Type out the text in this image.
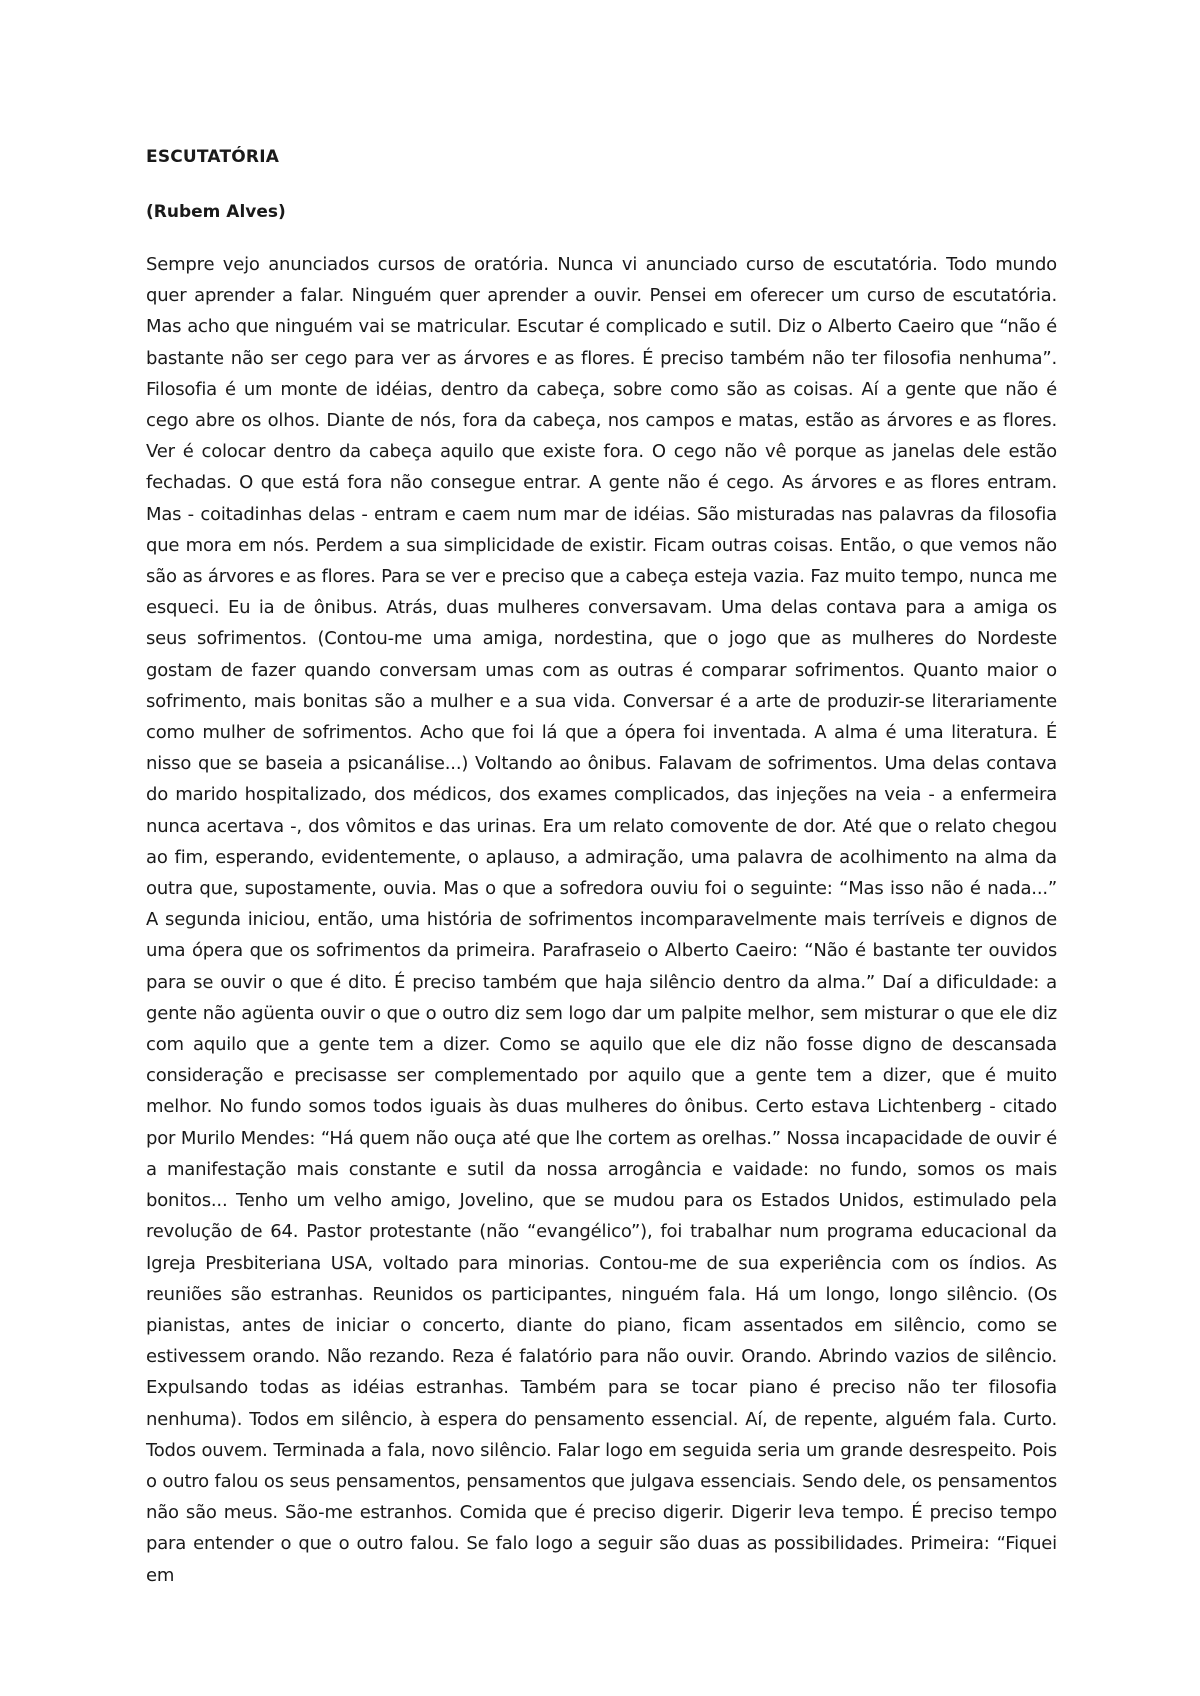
ESCUTATÓRIA

(Rubem Alves)

Sempre vejo anunciados cursos de oratória. Nunca vi anunciado curso de escutatória. Todo mundo quer aprender a falar. Ninguém quer aprender a ouvir. Pensei em oferecer um curso de escutatória. Mas acho que ninguém vai se matricular. Escutar é complicado e sutil. Diz o Alberto Caeiro que “não é bastante não ser cego para ver as árvores e as flores. É preciso também não ter filosofia nenhuma”. Filosofia é um monte de idéias, dentro da cabeça, sobre como são as coisas. Aí a gente que não é cego abre os olhos. Diante de nós, fora da cabeça, nos campos e matas, estão as árvores e as flores. Ver é colocar dentro da cabeça aquilo que existe fora. O cego não vê porque as janelas dele estão fechadas. O que está fora não consegue entrar. A gente não é cego. As árvores e as flores entram. Mas - coitadinhas delas - entram e caem num mar de idéias. São misturadas nas palavras da filosofia que mora em nós. Perdem a sua simplicidade de existir. Ficam outras coisas. Então, o que vemos não são as árvores e as flores. Para se ver e preciso que a cabeça esteja vazia. Faz muito tempo, nunca me esqueci. Eu ia de ônibus. Atrás, duas mulheres conversavam. Uma delas contava para a amiga os seus sofrimentos. (Contou-me uma amiga, nordestina, que o jogo que as mulheres do Nordeste gostam de fazer quando conversam umas com as outras é comparar sofrimentos. Quanto maior o sofrimento, mais bonitas são a mulher e a sua vida. Conversar é a arte de produzir-se literariamente como mulher de sofrimentos. Acho que foi lá que a ópera foi inventada. A alma é uma literatura. É nisso que se baseia a psicanálise...) Voltando ao ônibus. Falavam de sofrimentos. Uma delas contava do marido hospitalizado, dos médicos, dos exames complicados, das injeções na veia - a enfermeira nunca acertava -, dos vômitos e das urinas. Era um relato comovente de dor. Até que o relato chegou ao fim, esperando, evidentemente, o aplauso, a admiração, uma palavra de acolhimento na alma da outra que, supostamente, ouvia. Mas o que a sofredora ouviu foi o seguinte: “Mas isso não é nada...” A segunda iniciou, então, uma história de sofrimentos incomparavelmente mais terríveis e dignos de uma ópera que os sofrimentos da primeira. Parafraseio o Alberto Caeiro: “Não é bastante ter ouvidos para se ouvir o que é dito. É preciso também que haja silêncio dentro da alma.” Daí a dificuldade: a gente não agüenta ouvir o que o outro diz sem logo dar um palpite melhor, sem misturar o que ele diz com aquilo que a gente tem a dizer. Como se aquilo que ele diz não fosse digno de descansada consideração e precisasse ser complementado por aquilo que a gente tem a dizer, que é muito melhor. No fundo somos todos iguais às duas mulheres do ônibus. Certo estava Lichtenberg - citado por Murilo Mendes: “Há quem não ouça até que lhe cortem as orelhas.” Nossa incapacidade de ouvir é a manifestação mais constante e sutil da nossa arrogância e vaidade: no fundo, somos os mais bonitos... Tenho um velho amigo, Jovelino, que se mudou para os Estados Unidos, estimulado pela revolução de 64. Pastor protestante (não “evangélico”), foi trabalhar num programa educacional da Igreja Presbiteriana USA, voltado para minorias. Contou-me de sua experiência com os índios. As reuniões são estranhas. Reunidos os participantes, ninguém fala. Há um longo, longo silêncio. (Os pianistas, antes de iniciar o concerto, diante do piano, ficam assentados em silêncio, como se estivessem orando. Não rezando. Reza é falatório para não ouvir. Orando. Abrindo vazios de silêncio. Expulsando todas as idéias estranhas. Também para se tocar piano é preciso não ter filosofia nenhuma). Todos em silêncio, à espera do pensamento essencial. Aí, de repente, alguém fala. Curto. Todos ouvem. Terminada a fala, novo silêncio. Falar logo em seguida seria um grande desrespeito. Pois o outro falou os seus pensamentos, pensamentos que julgava essenciais. Sendo dele, os pensamentos não são meus. São-me estranhos. Comida que é preciso digerir. Digerir leva tempo. É preciso tempo para entender o que o outro falou. Se falo logo a seguir são duas as possibilidades. Primeira: “Fiquei em
